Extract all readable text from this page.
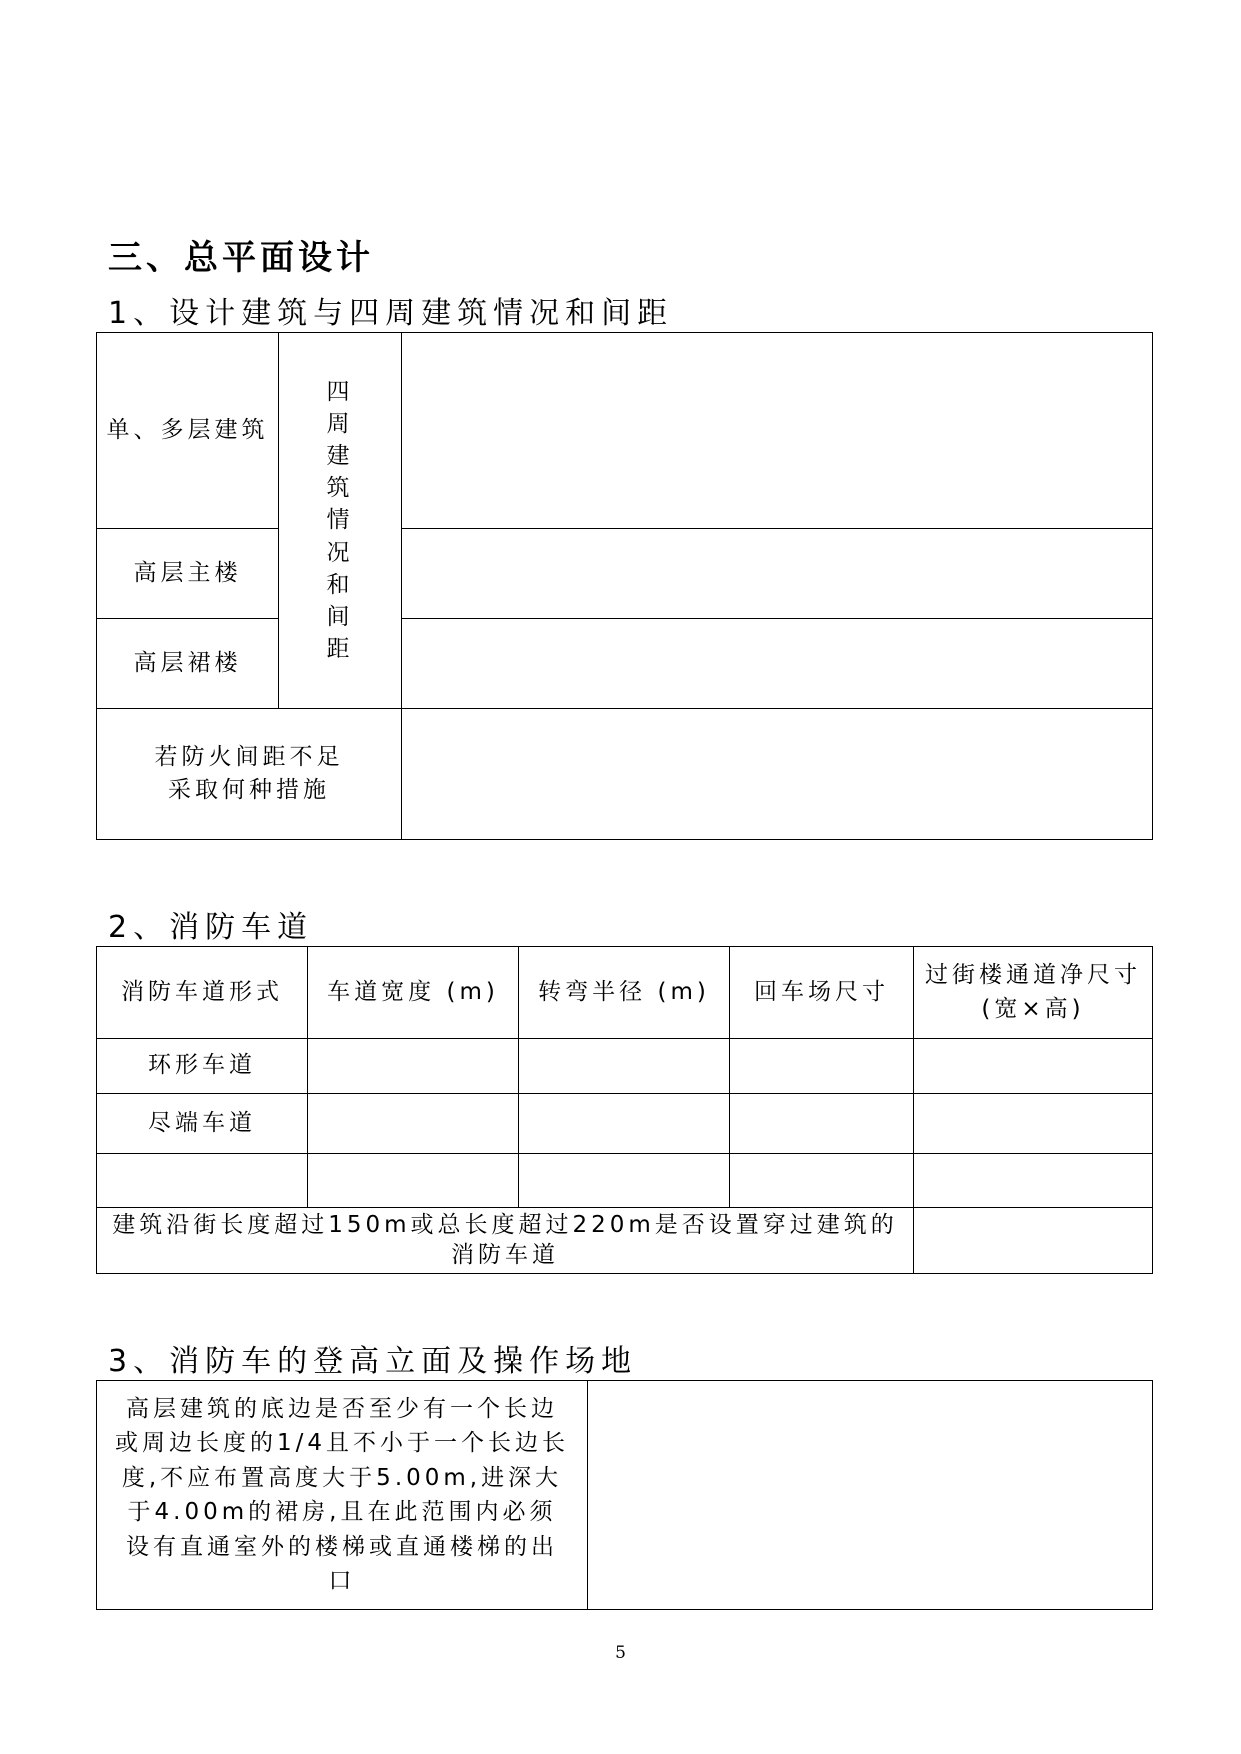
三、总平面设计
1、设计建筑与四周建筑情况和间距
单、多层建筑	四周建筑情况和间距	

高层主楼		
高层裙楼		

若防火间距不足
采取何种措施		

2、消防车道
消防车道形式	车道宽度 (m)	转弯半径 (m)	回车场尺寸	过街楼通道净尺寸
(宽×高)

环形车道				
尽端车道				

建筑沿街长度超过150m或总长度超过220m是否设置穿过建筑的消防车道				
3、消防车的登高立面及操作场地
高层建筑的底边是否至少有一个长边或周边长度的1/4且不小于一个长边长度,不应布置高度大于5.00m,进深大于4.00m的裙房,且在此范围内必须设有直通室外的楼梯或直通楼梯的出口	
5
